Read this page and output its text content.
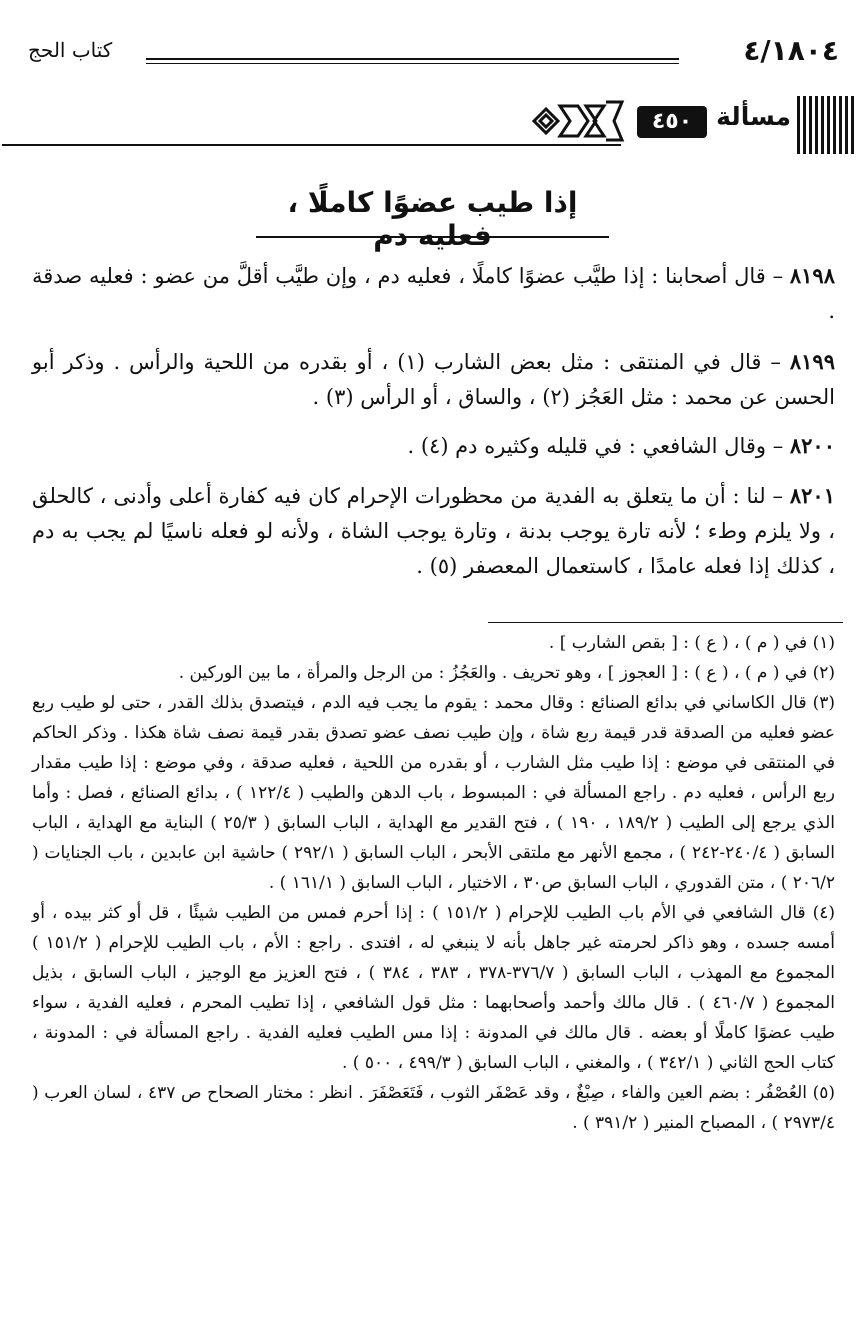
٤/١٨٠٤
كتاب الحج
مسألة
٤٥٠
إذا طيب عضوًا كاملًا ، فعليه دم
٨١٩٨ – قال أصحابنا : إذا طيَّب عضوًا كاملًا ، فعليه دم ، وإن طيَّب أقلَّ من عضو : فعليه صدقة .
٨١٩٩ – قال في المنتقى : مثل بعض الشارب (١) ، أو بقدره من اللحية والرأس . وذكر أبو الحسن عن محمد : مثل العَجُز (٢) ، والساق ، أو الرأس (٣) .
٨٢٠٠ – وقال الشافعي : في قليله وكثيره دم (٤) .
٨٢٠١ – لنا : أن ما يتعلق به الفدية من محظورات الإحرام كان فيه كفارة أعلى وأدنى ، كالحلق ، ولا يلزم وطء ؛ لأنه تارة يوجب بدنة ، وتارة يوجب الشاة ، ولأنه لو فعله ناسيًا لم يجب به دم ، كذلك إذا فعله عامدًا ، كاستعمال المعصفر (٥) .

(١) في ( م ) ، ( ع ) : [ بقص الشارب ] .

(٢) في ( م ) ، ( ع ) : [ العجوز ] ، وهو تحريف . والعَجُزُ : من الرجل والمرأة ، ما بين الوركين .

(٣) قال الكاساني في بدائع الصنائع : وقال محمد : يقوم ما يجب فيه الدم ، فيتصدق بذلك القدر ، حتى لو طيب ربع عضو فعليه من الصدقة قدر قيمة ربع شاة ، وإن طيب نصف عضو تصدق بقدر قيمة نصف شاة هكذا . وذكر الحاكم في المنتقى في موضع : إذا طيب مثل الشارب ، أو بقدره من اللحية ، فعليه صدقة ، وفي موضع : إذا طيب مقدار ربع الرأس ، فعليه دم . راجع المسألة في : المبسوط ، باب الدهن والطيب ( ١٢٢/٤ ) ، بدائع الصنائع ، فصل : وأما الذي يرجع إلى الطيب ( ١٨٩/٢ ، ١٩٠ ) ، فتح القدير مع الهداية ، الباب السابق ( ٢٥/٣ ) البناية مع الهداية ، الباب السابق ( ٢٤٠/٤-٢٤٢ ) ، مجمع الأنهر مع ملتقى الأبحر ، الباب السابق ( ٢٩٢/١ ) حاشية ابن عابدين ، باب الجنايات ( ٢٠٦/٢ ) ، متن القدوري ، الباب السابق ص٣٠ ، الاختيار ، الباب السابق ( ١٦١/١ ) .

(٤) قال الشافعي في الأم باب الطيب للإحرام ( ١٥١/٢ ) : إذا أحرم فمس من الطيب شيئًا ، قل أو كثر بيده ، أو أمسه جسده ، وهو ذاكر لحرمته غير جاهل بأنه لا ينبغي له ، افتدى . راجع : الأم ، باب الطيب للإحرام ( ١٥١/٢ ) المجموع مع المهذب ، الباب السابق ( ٣٧٦/٧-٣٧٨ ، ٣٨٣ ، ٣٨٤ ) ، فتح العزيز مع الوجيز ، الباب السابق ، بذيل المجموع ( ٤٦٠/٧ ) . قال مالك وأحمد وأصحابهما : مثل قول الشافعي ، إذا تطيب المحرم ، فعليه الفدية ، سواء طيب عضوًا كاملًا أو بعضه . قال مالك في المدونة : إذا مس الطيب فعليه الفدية . راجع المسألة في : المدونة ، كتاب الحج الثاني ( ٣٤٢/١ ) ، والمغني ، الباب السابق ( ٤٩٩/٣ ، ٥٠٠ ) .

(٥) العُصْفُر : بضم العين والفاء ، صِبْغٌ ، وقد عَصْفَر الثوب ، فَتَعَصْفَرَ . انظر : مختار الصحاح ص ٤٣٧ ، لسان العرب ( ٢٩٧٣/٤ ) ، المصباح المنير ( ٣٩١/٢ ) .
